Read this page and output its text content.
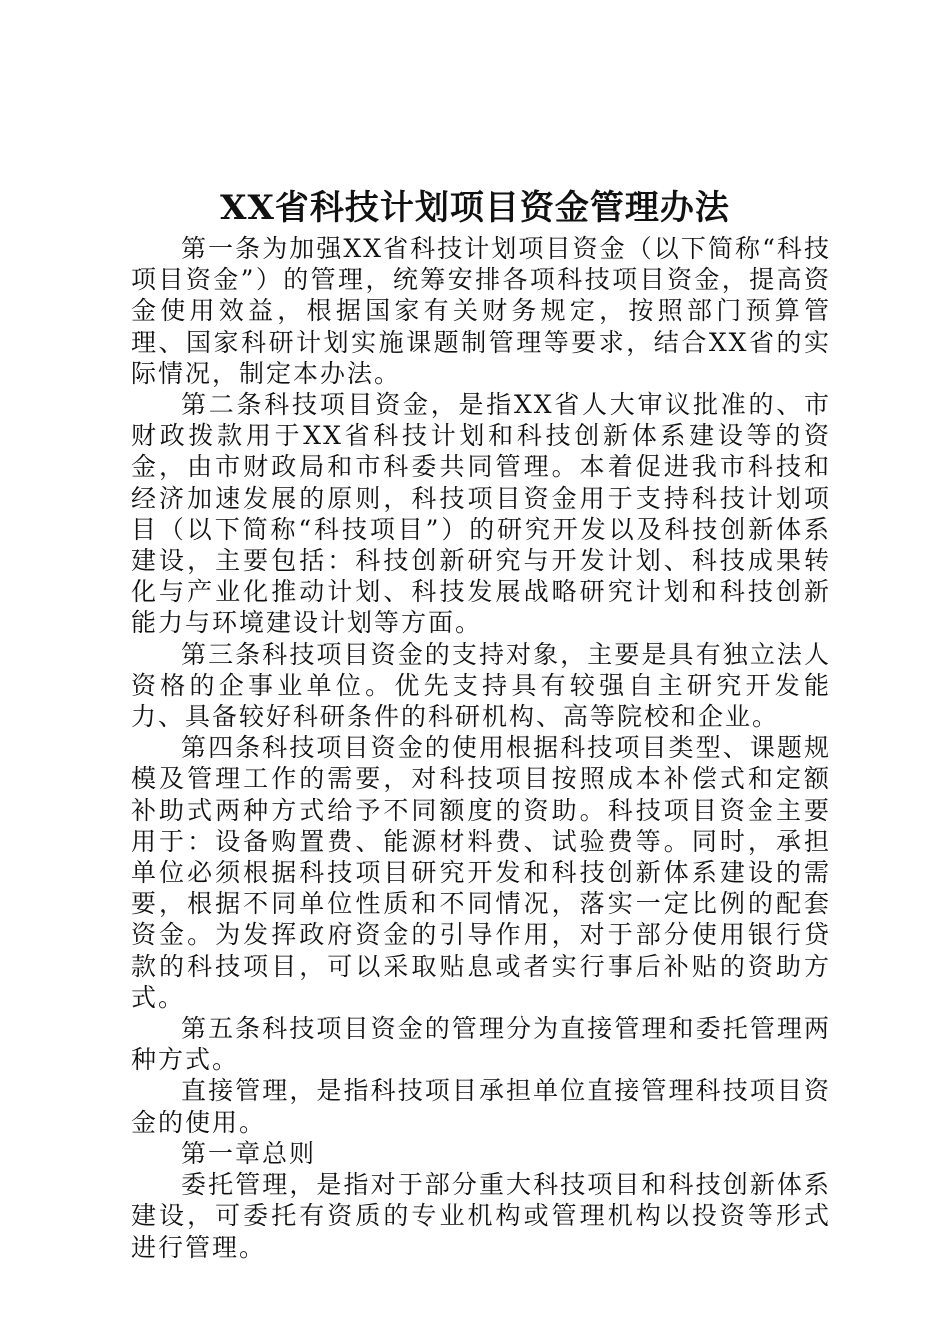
XX省科技计划项目资金管理办法

第一条为加强XX省科技计划项目资金（以下简称“科技项目资金”）的管理，统筹安排各项科技项目资金，提高资金使用效益，根据国家有关财务规定，按照部门预算管理、国家科研计划实施课题制管理等要求，结合XX省的实际情况，制定本办法。

第二条科技项目资金，是指XX省人大审议批准的、市财政拨款用于XX省科技计划和科技创新体系建设等的资金，由市财政局和市科委共同管理。本着促进我市科技和经济加速发展的原则，科技项目资金用于支持科技计划项目（以下简称“科技项目”）的研究开发以及科技创新体系建设，主要包括：科技创新研究与开发计划、科技成果转化与产业化推动计划、科技发展战略研究计划和科技创新能力与环境建设计划等方面。

第三条科技项目资金的支持对象，主要是具有独立法人资格的企事业单位。优先支持具有较强自主研究开发能力、具备较好科研条件的科研机构、高等院校和企业。

第四条科技项目资金的使用根据科技项目类型、课题规模及管理工作的需要，对科技项目按照成本补偿式和定额补助式两种方式给予不同额度的资助。科技项目资金主要用于：设备购置费、能源材料费、试验费等。同时，承担单位必须根据科技项目研究开发和科技创新体系建设的需要，根据不同单位性质和不同情况，落实一定比例的配套资金。为发挥政府资金的引导作用，对于部分使用银行贷款的科技项目，可以采取贴息或者实行事后补贴的资助方式。

第五条科技项目资金的管理分为直接管理和委托管理两种方式。

直接管理，是指科技项目承担单位直接管理科技项目资金的使用。

第一章总则

委托管理，是指对于部分重大科技项目和科技创新体系建设，可委托有资质的专业机构或管理机构以投资等形式进行管理。
